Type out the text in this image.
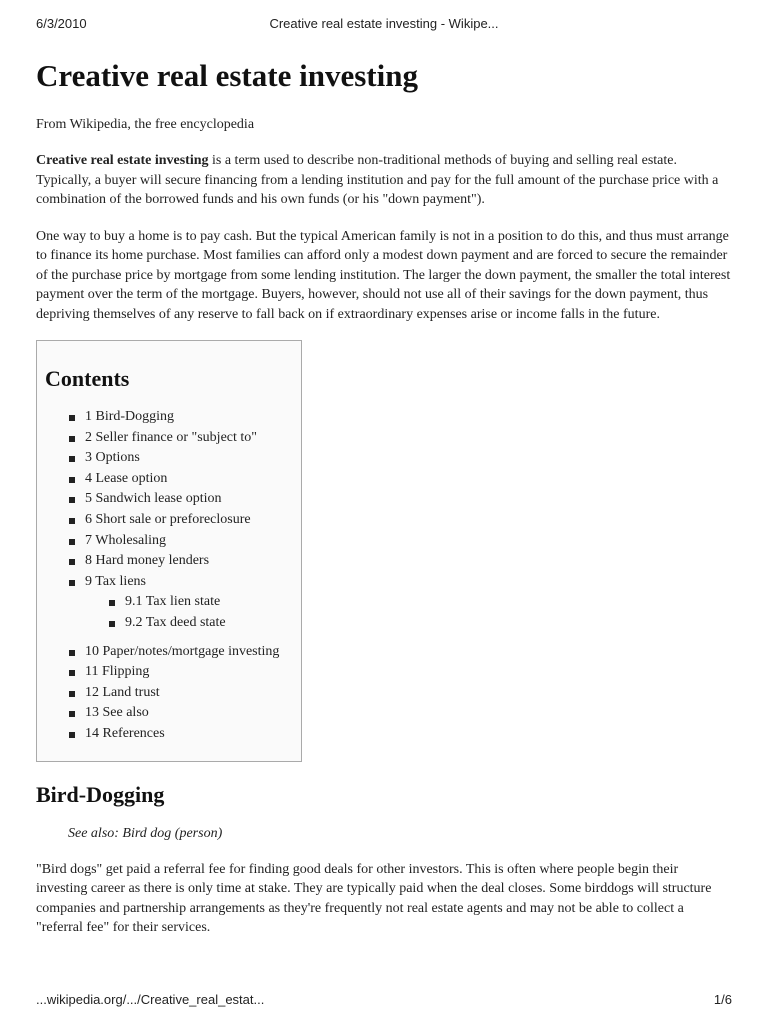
6/3/2010	Creative real estate investing - Wikipe...
Creative real estate investing
From Wikipedia, the free encyclopedia

Creative real estate investing is a term used to describe non-traditional methods of buying and selling real estate. Typically, a buyer will secure financing from a lending institution and pay for the full amount of the purchase price with a combination of the borrowed funds and his own funds (or his "down payment").

One way to buy a home is to pay cash. But the typical American family is not in a position to do this, and thus must arrange to finance its home purchase. Most families can afford only a modest down payment and are forced to secure the remainder of the purchase price by mortgage from some lending institution. The larger the down payment, the smaller the total interest payment over the term of the mortgage. Buyers, however, should not use all of their savings for the down payment, thus depriving themselves of any reserve to fall back on if extraordinary expenses arise or income falls in the future.

Contents
1 Bird-Dogging
2 Seller finance or "subject to"
3 Options
4 Lease option
5 Sandwich lease option
6 Short sale or preforeclosure
7 Wholesaling
8 Hard money lenders
9 Tax liens
9.1 Tax lien state
9.2 Tax deed state
10 Paper/notes/mortgage investing
11 Flipping
12 Land trust
13 See also
14 References
Bird-Dogging
See also: Bird dog (person)

"Bird dogs" get paid a referral fee for finding good deals for other investors. This is often where people begin their investing career as there is only time at stake. They are typically paid when the deal closes. Some birddogs will structure companies and partnership arrangements as they're frequently not real estate agents and may not be able to collect a "referral fee" for their services.

...wikipedia.org/.../Creative_real_estat...	1/6
